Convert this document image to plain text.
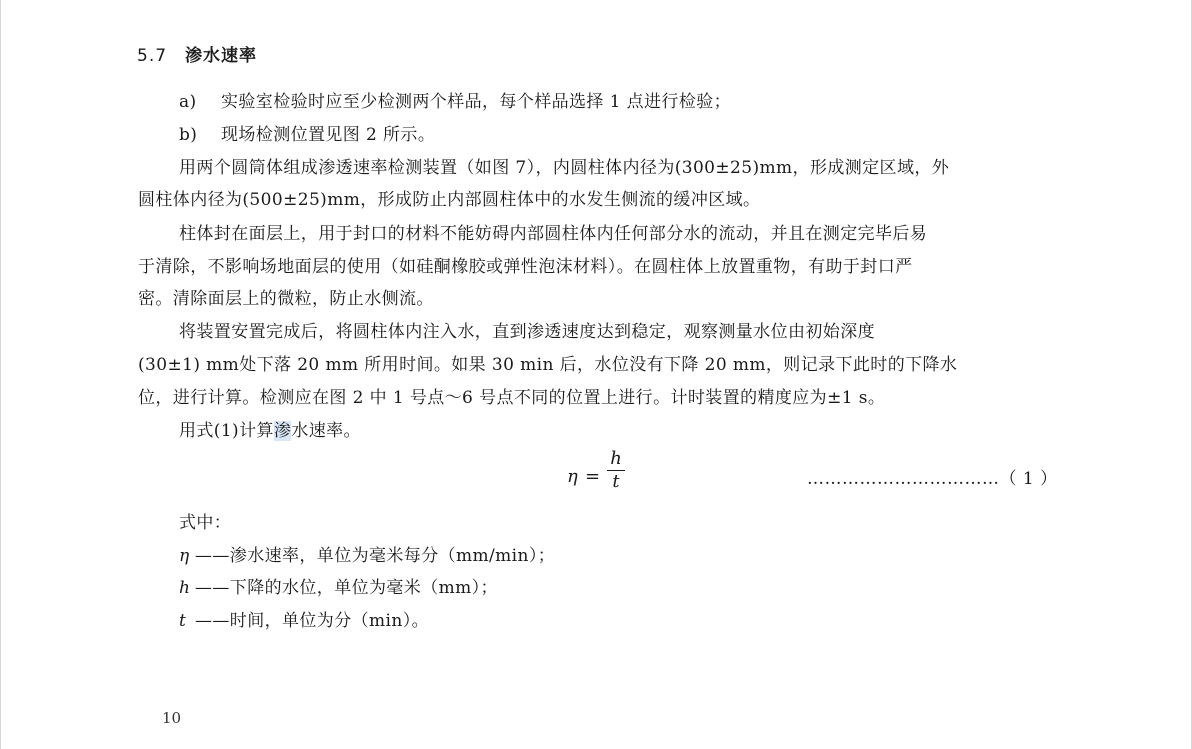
5.7 渗水速率
a) 实验室检验时应至少检测两个样品，每个样品选择 1 点进行检验；
b) 现场检测位置见图 2 所示。
用两个圆筒体组成渗透速率检测装置（如图 7），内圆柱体内径为(300±25)mm，形成测定区域，外
圆柱体内径为(500±25)mm，形成防止内部圆柱体中的水发生侧流的缓冲区域。
柱体封在面层上，用于封口的材料不能妨碍内部圆柱体内任何部分水的流动，并且在测定完毕后易
于清除，不影响场地面层的使用（如硅酮橡胶或弹性泡沫材料）。在圆柱体上放置重物，有助于封口严
密。清除面层上的微粒，防止水侧流。
将装置安置完成后，将圆柱体内注入水，直到渗透速度达到稳定，观察测量水位由初始深度
(30±1) mm处下落 20 mm 所用时间。如果 30 min 后，水位没有下降 20 mm，则记录下此时的下降水
位，进行计算。检测应在图 2 中 1 号点～6 号点不同的位置上进行。计时装置的精度应为±1 s。
用式(1)计算渗水速率。
η =
h
t	……………………………（ 1 ）
式中：
η ——渗水速率，单位为毫米每分（mm/min）；
h ——下降的水位，单位为毫米（mm）；
t ——时间，单位为分（min）。
10
